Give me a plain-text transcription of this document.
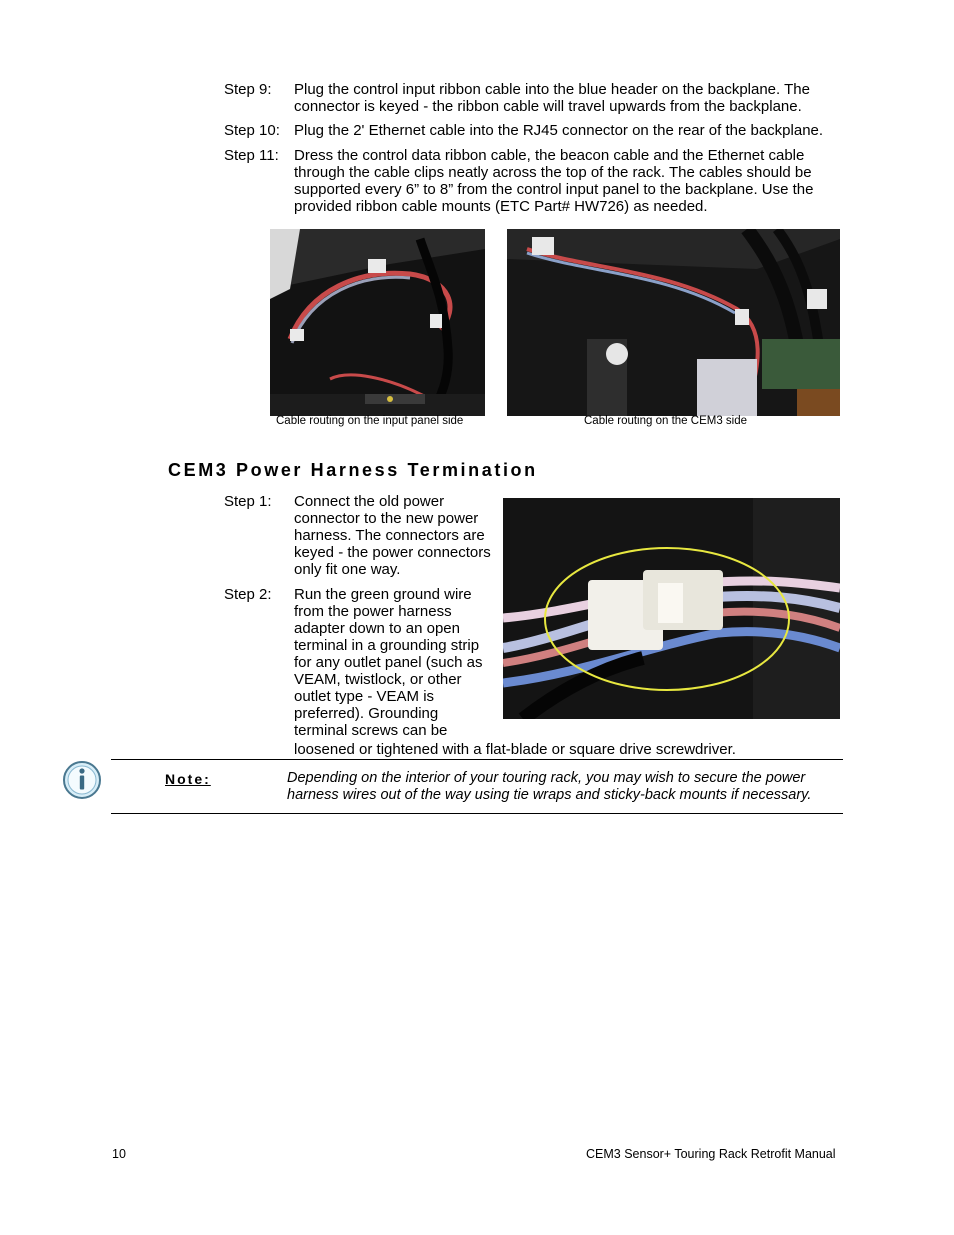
Step 9: Plug the control input ribbon cable into the blue header on the backplane. The connector is keyed - the ribbon cable will travel upwards from the backplane.
Step 10: Plug the 2' Ethernet cable into the RJ45 connector on the rear of the backplane.
Step 11: Dress the control data ribbon cable, the beacon cable and the Ethernet cable through the cable clips neatly across the top of the rack. The cables should be supported every 6” to 8” from the control input panel to the backplane. Use the provided ribbon cable mounts (ETC Part# HW726) as needed.
Cable routing on the input panel side	Cable routing on the CEM3 side
CEM3 Power Harness Termination
Step 1: Connect the old power connector to the new power harness. The connectors are keyed - the power connectors only fit one way.
Step 2: Run the green ground wire from the power harness adapter down to an open terminal in a grounding strip for any outlet panel (such as VEAM, twistlock, or other outlet type - VEAM is preferred). Grounding terminal screws can be
loosened or tightened with a flat-blade or square drive screwdriver.
Note:	Depending on the interior of your touring rack, you may wish to secure the power harness wires out of the way using tie wraps and sticky-back mounts if necessary.
10	CEM3 Sensor+ Touring Rack Retrofit Manual
